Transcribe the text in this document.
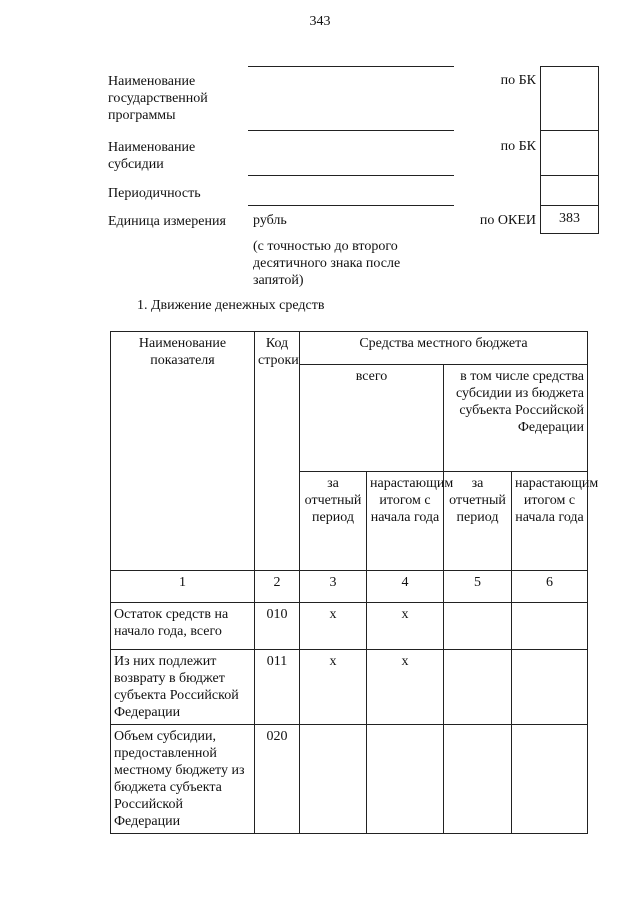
343
Наименование государственной программы
по БК
Наименование субсидии
по БК
Периодичность
Единица измерения рубль	по ОКЕИ	383
(с точностью до второго десятичного знака после запятой)
1. Движение денежных средств
Наименование показателя	Код строки	Средства местного бюджета			
		всего		в том числе средства субсидии из бюджета субъекта Российской Федерации	
		за отчетный период	нарастающим итогом с начала года	за отчетный период	нарастающим итогом с начала года
1	2	3	4	5	6
Остаток средств на начало года, всего	010	x	x		
Из них подлежит возврату в бюджет субъекта Российской Федерации	011	x	x		
Объем субсидии, предоставленной местному бюджету из бюджета субъекта Российской Федерации	020				
